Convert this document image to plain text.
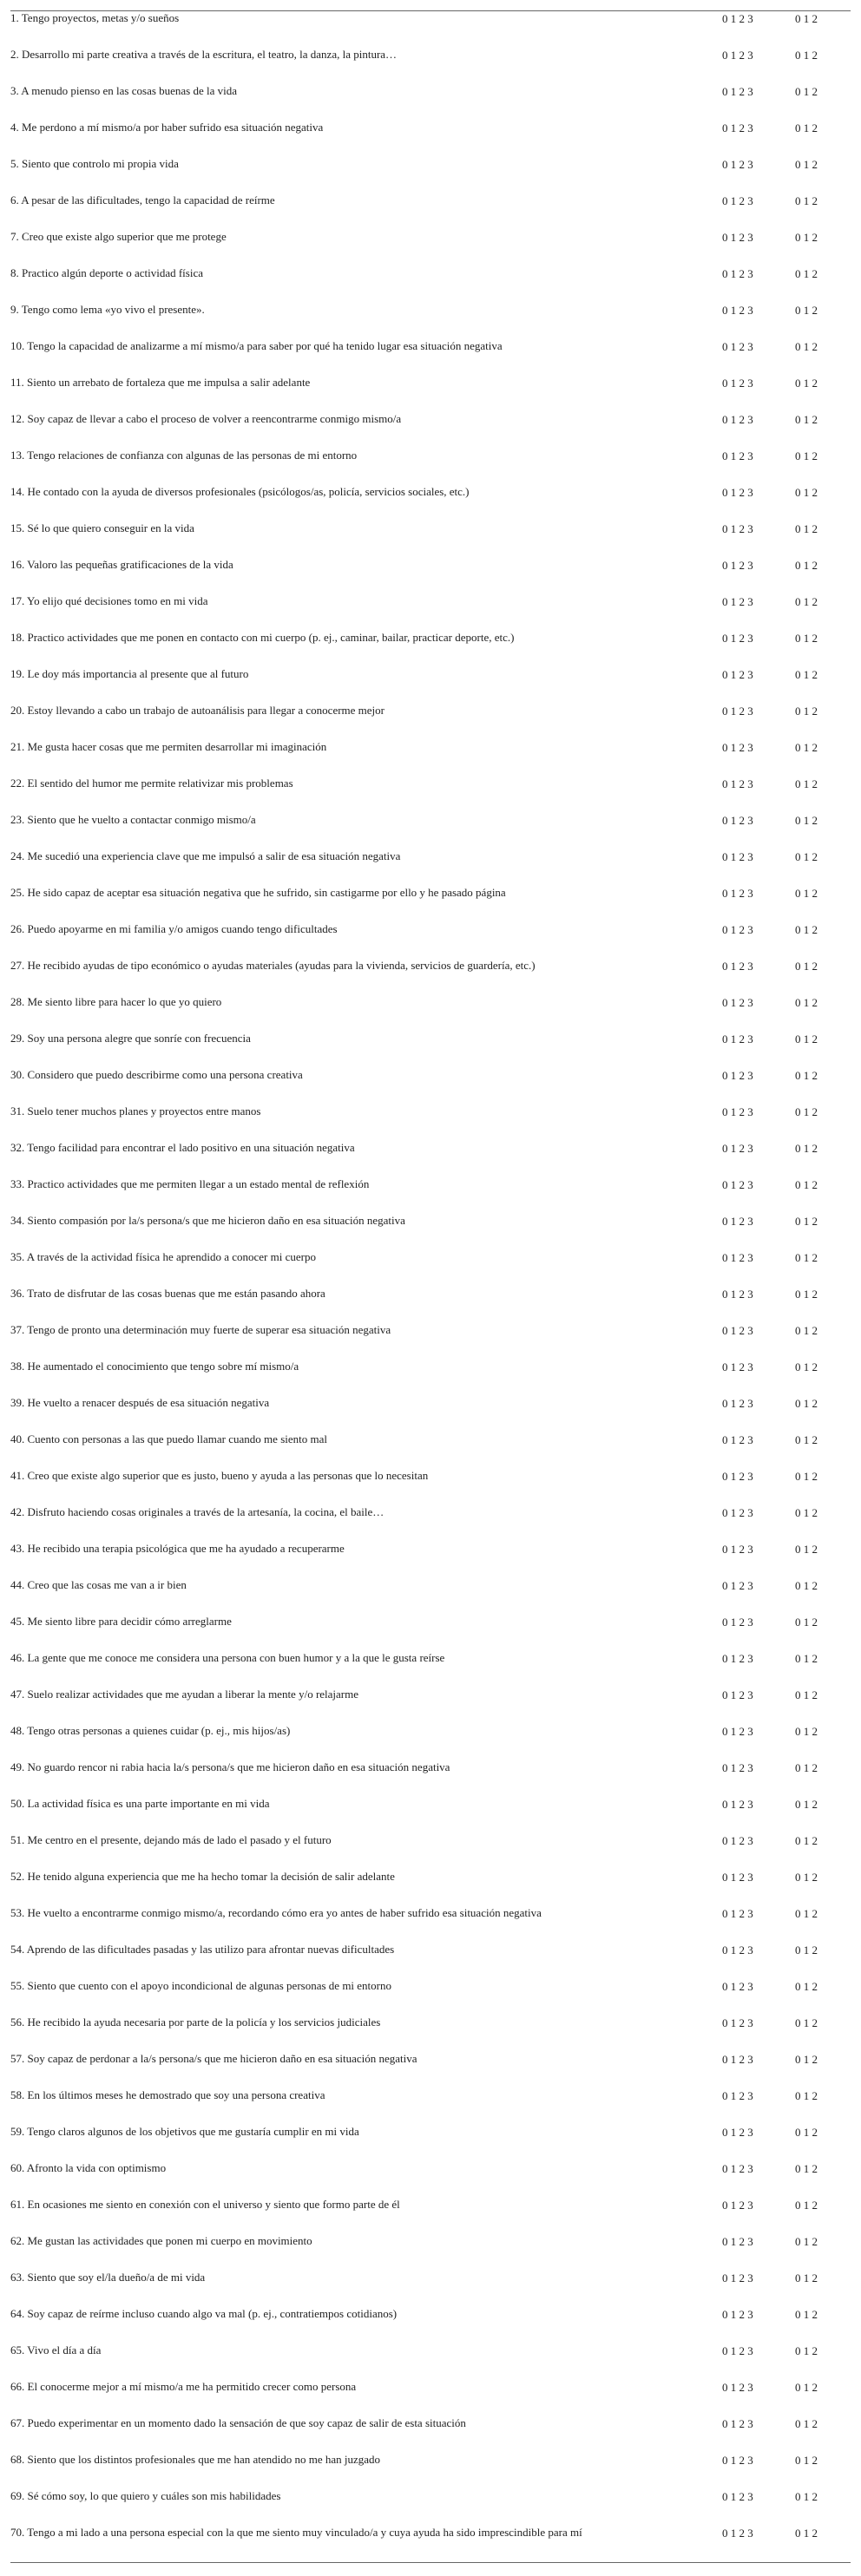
1. Tengo proyectos, metas y/o sueños	0 1 2 3	0 1 2
2. Desarrollo mi parte creativa a través de la escritura, el teatro, la danza, la pintura…	0 1 2 3	0 1 2
3. A menudo pienso en las cosas buenas de la vida	0 1 2 3	0 1 2
4. Me perdono a mí mismo/a por haber sufrido esa situación negativa	0 1 2 3	0 1 2
5. Siento que controlo mi propia vida	0 1 2 3	0 1 2
6. A pesar de las dificultades, tengo la capacidad de reírme	0 1 2 3	0 1 2
7. Creo que existe algo superior que me protege	0 1 2 3	0 1 2
8. Practico algún deporte o actividad física	0 1 2 3	0 1 2
9. Tengo como lema «yo vivo el presente».	0 1 2 3	0 1 2
10. Tengo la capacidad de analizarme a mí mismo/a para saber por qué ha tenido lugar esa situación negativa	0 1 2 3	0 1 2
11. Siento un arrebato de fortaleza que me impulsa a salir adelante	0 1 2 3	0 1 2
12. Soy capaz de llevar a cabo el proceso de volver a reencontrarme conmigo mismo/a	0 1 2 3	0 1 2
13. Tengo relaciones de confianza con algunas de las personas de mi entorno	0 1 2 3	0 1 2
14. He contado con la ayuda de diversos profesionales (psicólogos/as, policía, servicios sociales, etc.)	0 1 2 3	0 1 2
15. Sé lo que quiero conseguir en la vida	0 1 2 3	0 1 2
16. Valoro las pequeñas gratificaciones de la vida	0 1 2 3	0 1 2
17. Yo elijo qué decisiones tomo en mi vida	0 1 2 3	0 1 2
18. Practico actividades que me ponen en contacto con mi cuerpo (p. ej., caminar, bailar, practicar deporte, etc.)	0 1 2 3	0 1 2
19. Le doy más importancia al presente que al futuro	0 1 2 3	0 1 2
20. Estoy llevando a cabo un trabajo de autoanálisis para llegar a conocerme mejor	0 1 2 3	0 1 2
21. Me gusta hacer cosas que me permiten desarrollar mi imaginación	0 1 2 3	0 1 2
22. El sentido del humor me permite relativizar mis problemas	0 1 2 3	0 1 2
23. Siento que he vuelto a contactar conmigo mismo/a	0 1 2 3	0 1 2
24. Me sucedió una experiencia clave que me impulsó a salir de esa situación negativa	0 1 2 3	0 1 2
25. He sido capaz de aceptar esa situación negativa que he sufrido, sin castigarme por ello y he pasado página	0 1 2 3	0 1 2
26. Puedo apoyarme en mi familia y/o amigos cuando tengo dificultades	0 1 2 3	0 1 2
27. He recibido ayudas de tipo económico o ayudas materiales (ayudas para la vivienda, servicios de guardería, etc.)	0 1 2 3	0 1 2
28. Me siento libre para hacer lo que yo quiero	0 1 2 3	0 1 2
29. Soy una persona alegre que sonríe con frecuencia	0 1 2 3	0 1 2
30. Considero que puedo describirme como una persona creativa	0 1 2 3	0 1 2
31. Suelo tener muchos planes y proyectos entre manos	0 1 2 3	0 1 2
32. Tengo facilidad para encontrar el lado positivo en una situación negativa	0 1 2 3	0 1 2
33. Practico actividades que me permiten llegar a un estado mental de reflexión	0 1 2 3	0 1 2
34. Siento compasión por la/s persona/s que me hicieron daño en esa situación negativa	0 1 2 3	0 1 2
35. A través de la actividad física he aprendido a conocer mi cuerpo	0 1 2 3	0 1 2
36. Trato de disfrutar de las cosas buenas que me están pasando ahora	0 1 2 3	0 1 2
37. Tengo de pronto una determinación muy fuerte de superar esa situación negativa	0 1 2 3	0 1 2
38. He aumentado el conocimiento que tengo sobre mí mismo/a	0 1 2 3	0 1 2
39. He vuelto a renacer después de esa situación negativa	0 1 2 3	0 1 2
40. Cuento con personas a las que puedo llamar cuando me siento mal	0 1 2 3	0 1 2
41. Creo que existe algo superior que es justo, bueno y ayuda a las personas que lo necesitan	0 1 2 3	0 1 2
42. Disfruto haciendo cosas originales a través de la artesanía, la cocina, el baile…	0 1 2 3	0 1 2
43. He recibido una terapia psicológica que me ha ayudado a recuperarme	0 1 2 3	0 1 2
44. Creo que las cosas me van a ir bien	0 1 2 3	0 1 2
45. Me siento libre para decidir cómo arreglarme	0 1 2 3	0 1 2
46. La gente que me conoce me considera una persona con buen humor y a la que le gusta reírse	0 1 2 3	0 1 2
47. Suelo realizar actividades que me ayudan a liberar la mente y/o relajarme	0 1 2 3	0 1 2
48. Tengo otras personas a quienes cuidar (p. ej., mis hijos/as)	0 1 2 3	0 1 2
49. No guardo rencor ni rabia hacia la/s persona/s que me hicieron daño en esa situación negativa	0 1 2 3	0 1 2
50. La actividad física es una parte importante en mi vida	0 1 2 3	0 1 2
51. Me centro en el presente, dejando más de lado el pasado y el futuro	0 1 2 3	0 1 2
52. He tenido alguna experiencia que me ha hecho tomar la decisión de salir adelante	0 1 2 3	0 1 2
53. He vuelto a encontrarme conmigo mismo/a, recordando cómo era yo antes de haber sufrido esa situación negativa	0 1 2 3	0 1 2
54. Aprendo de las dificultades pasadas y las utilizo para afrontar nuevas dificultades	0 1 2 3	0 1 2
55. Siento que cuento con el apoyo incondicional de algunas personas de mi entorno	0 1 2 3	0 1 2
56. He recibido la ayuda necesaria por parte de la policía y los servicios judiciales	0 1 2 3	0 1 2
57. Soy capaz de perdonar a la/s persona/s que me hicieron daño en esa situación negativa	0 1 2 3	0 1 2
58. En los últimos meses he demostrado que soy una persona creativa	0 1 2 3	0 1 2
59. Tengo claros algunos de los objetivos que me gustaría cumplir en mi vida	0 1 2 3	0 1 2
60. Afronto la vida con optimismo	0 1 2 3	0 1 2
61. En ocasiones me siento en conexión con el universo y siento que formo parte de él	0 1 2 3	0 1 2
62. Me gustan las actividades que ponen mi cuerpo en movimiento	0 1 2 3	0 1 2
63. Siento que soy el/la dueño/a de mi vida	0 1 2 3	0 1 2
64. Soy capaz de reírme incluso cuando algo va mal (p. ej., contratiempos cotidianos)	0 1 2 3	0 1 2
65. Vivo el día a día	0 1 2 3	0 1 2
66. El conocerme mejor a mí mismo/a me ha permitido crecer como persona	0 1 2 3	0 1 2
67. Puedo experimentar en un momento dado la sensación de que soy capaz de salir de esta situación	0 1 2 3	0 1 2
68. Siento que los distintos profesionales que me han atendido no me han juzgado	0 1 2 3	0 1 2
69. Sé cómo soy, lo que quiero y cuáles son mis habilidades	0 1 2 3	0 1 2
70. Tengo a mi lado a una persona especial con la que me siento muy vinculado/a y cuya ayuda ha sido imprescindible para mí	0 1 2 3	0 1 2
